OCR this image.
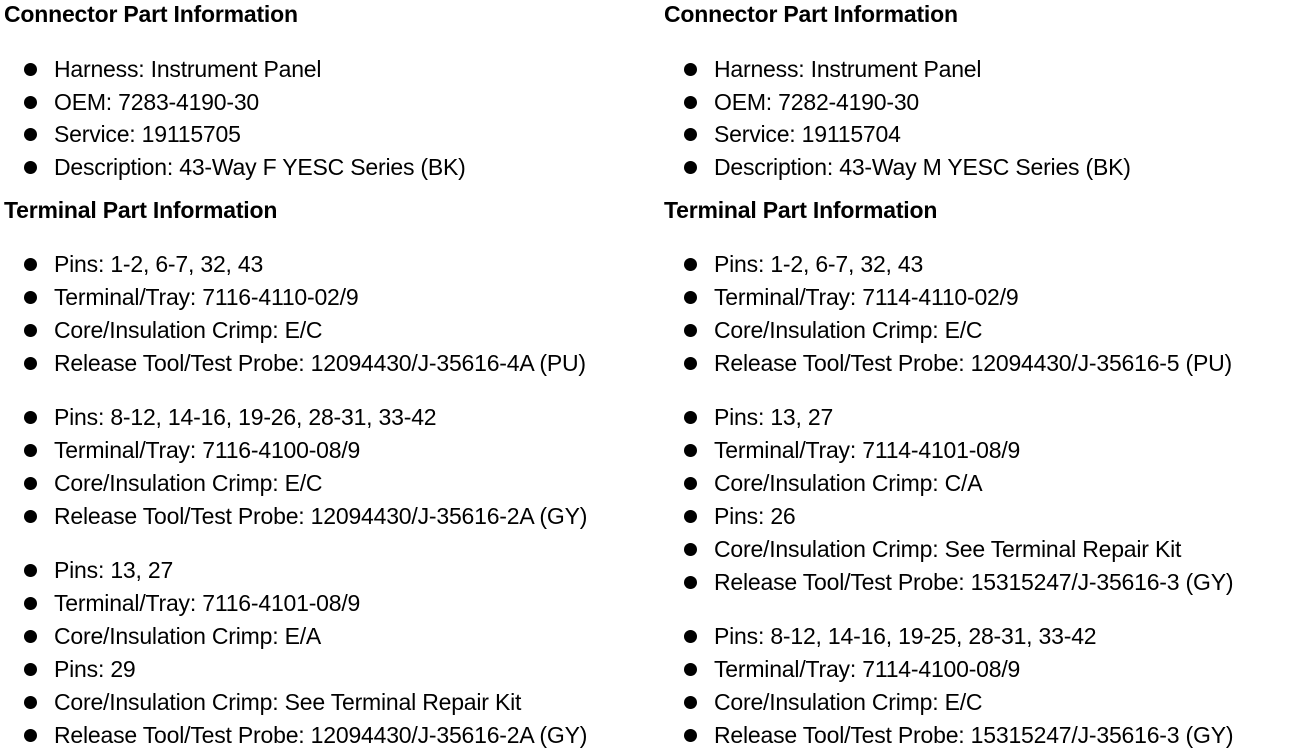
Connector Part Information
Harness: Instrument Panel
OEM: 7283-4190-30
Service: 19115705
Description: 43-Way F YESC Series (BK)
Terminal Part Information
Pins: 1-2, 6-7, 32, 43
Terminal/Tray: 7116-4110-02/9
Core/Insulation Crimp: E/C
Release Tool/Test Probe: 12094430/J-35616-4A (PU)
Pins: 8-12, 14-16, 19-26, 28-31, 33-42
Terminal/Tray: 7116-4100-08/9
Core/Insulation Crimp: E/C
Release Tool/Test Probe: 12094430/J-35616-2A (GY)
Pins: 13, 27
Terminal/Tray: 7116-4101-08/9
Core/Insulation Crimp: E/A
Pins: 29
Core/Insulation Crimp: See Terminal Repair Kit
Release Tool/Test Probe: 12094430/J-35616-2A (GY)
Connector Part Information
Harness: Instrument Panel
OEM: 7282-4190-30
Service: 19115704
Description: 43-Way M YESC Series (BK)
Terminal Part Information
Pins: 1-2, 6-7, 32, 43
Terminal/Tray: 7114-4110-02/9
Core/Insulation Crimp: E/C
Release Tool/Test Probe: 12094430/J-35616-5 (PU)
Pins: 13, 27
Terminal/Tray: 7114-4101-08/9
Core/Insulation Crimp: C/A
Pins: 26
Core/Insulation Crimp: See Terminal Repair Kit
Release Tool/Test Probe: 15315247/J-35616-3 (GY)
Pins: 8-12, 14-16, 19-25, 28-31, 33-42
Terminal/Tray: 7114-4100-08/9
Core/Insulation Crimp: E/C
Release Tool/Test Probe: 15315247/J-35616-3 (GY)
